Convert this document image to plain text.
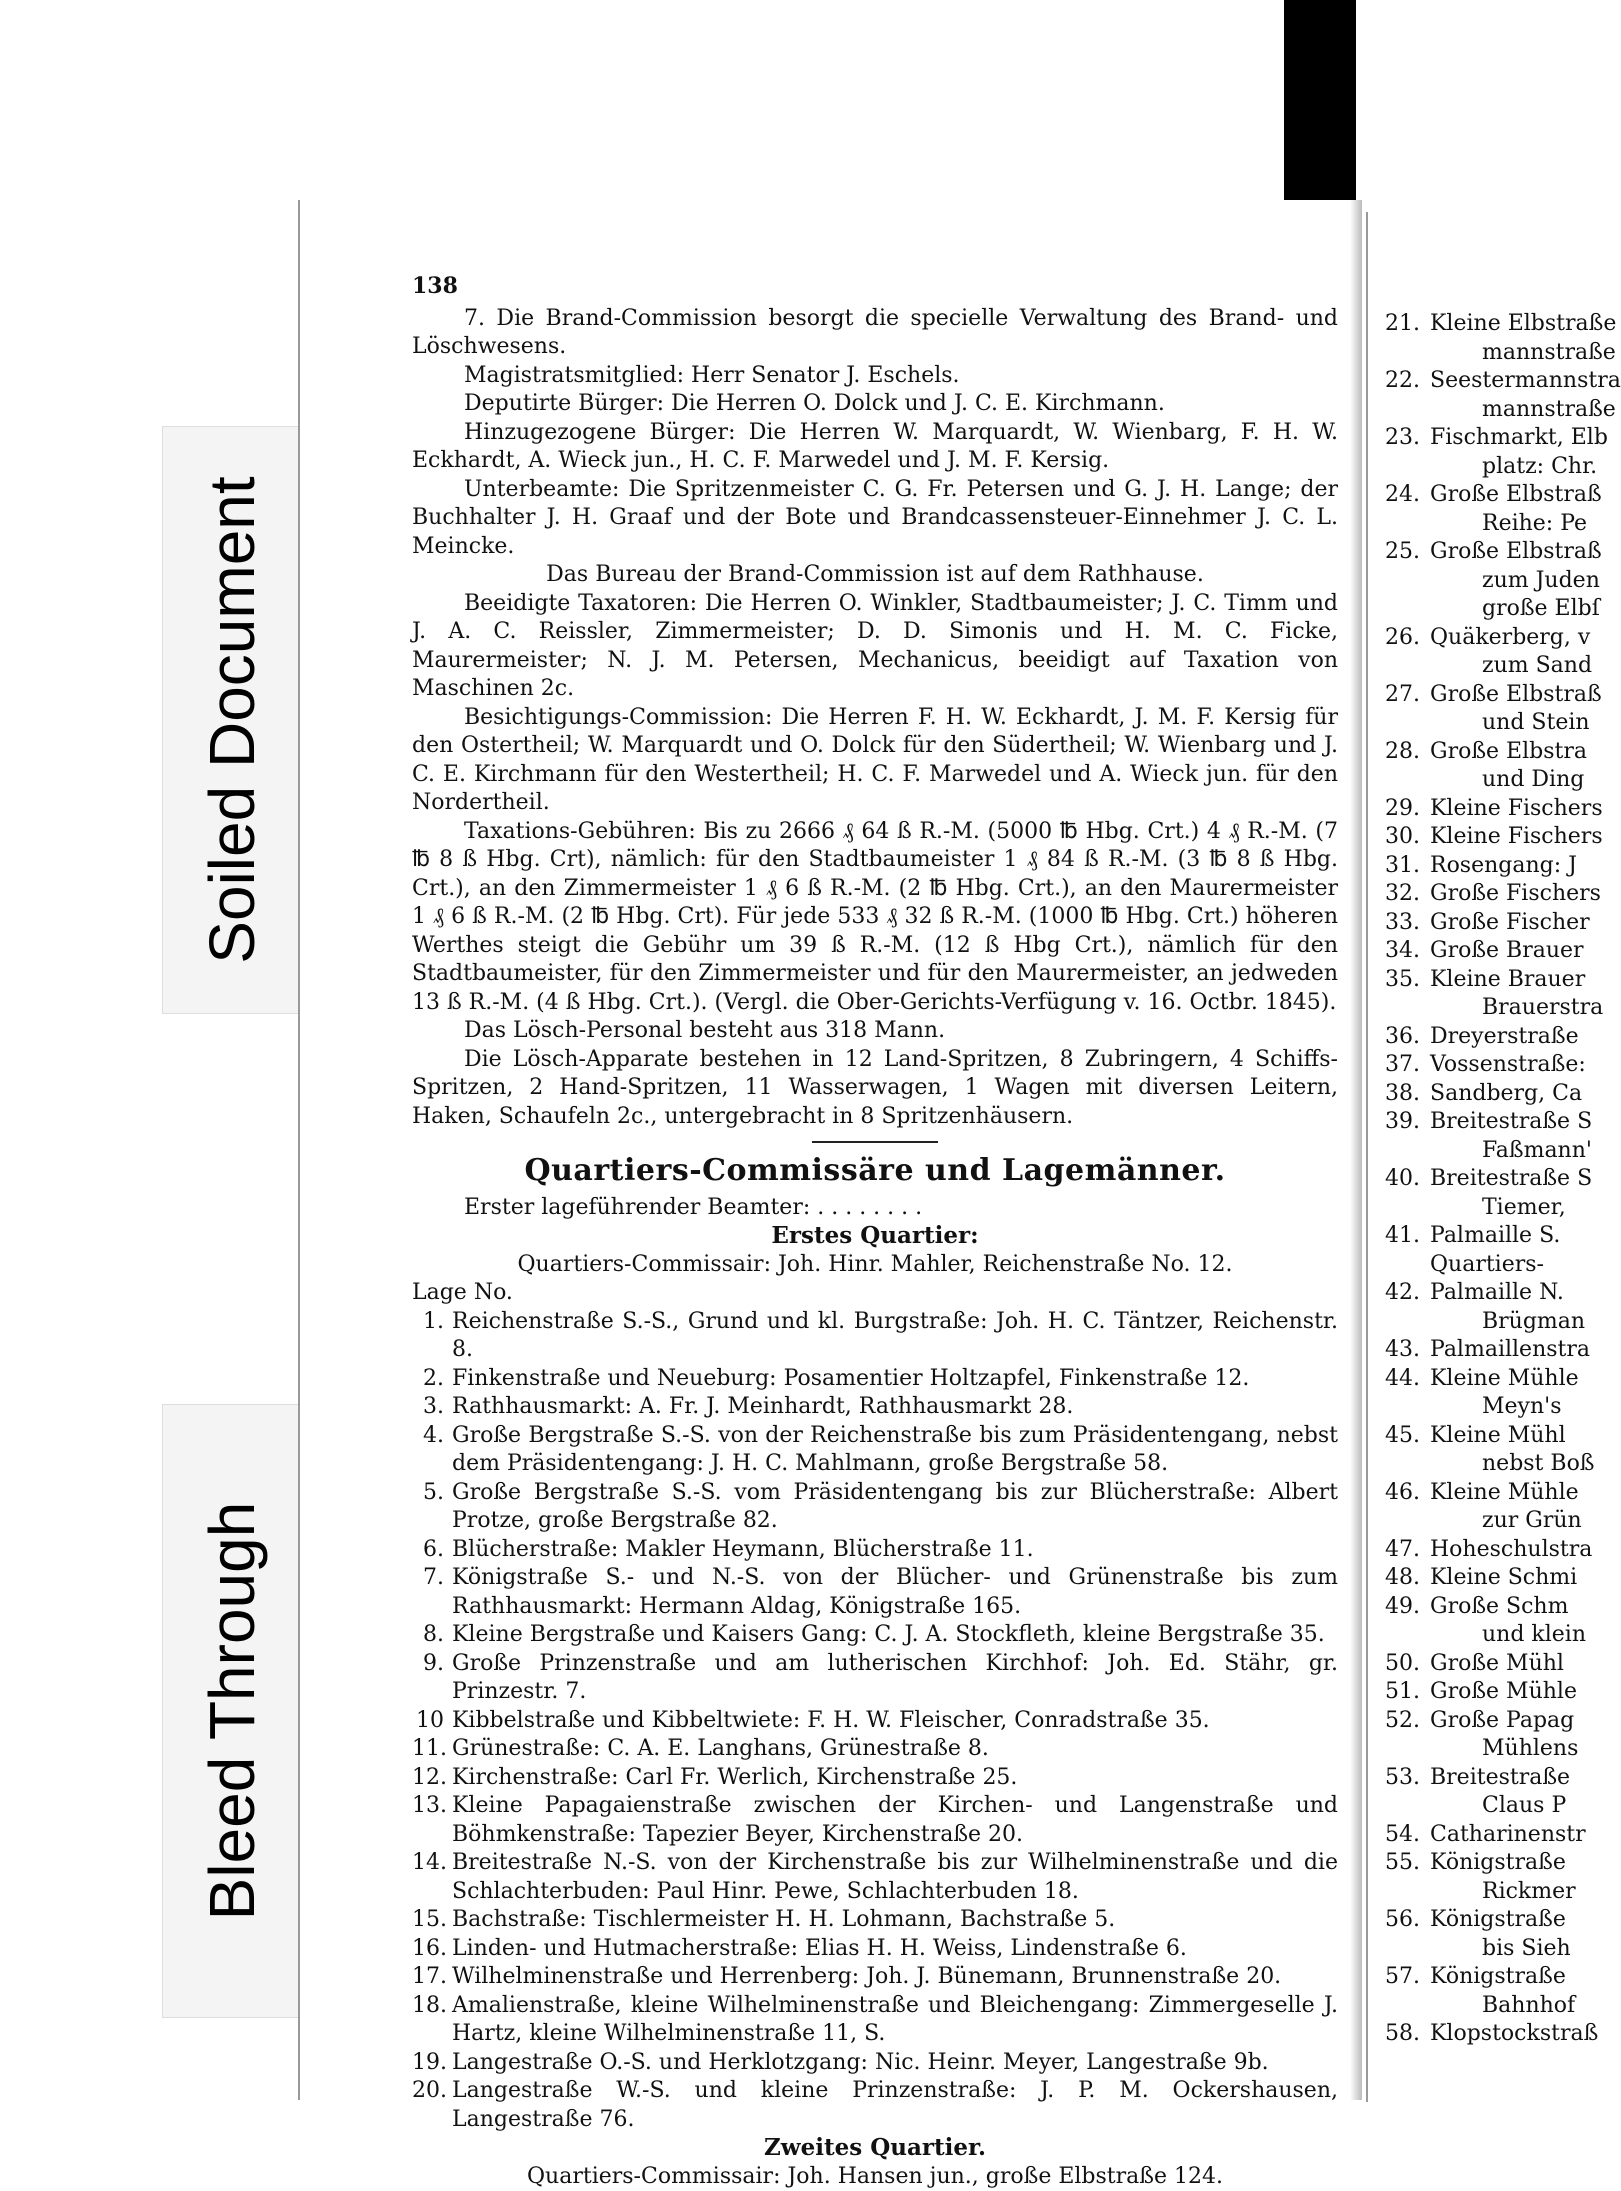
Soiled Document
Bleed Through
138

7. Die Brand-Commission besorgt die specielle Verwaltung des Brand- und Löschwesens.

Magistratsmitglied: Herr Senator J. Eschels.

Deputirte Bürger: Die Herren O. Dolck und J. C. E. Kirchmann.

Hinzugezogene Bürger: Die Herren W. Marquardt, W. Wienbarg, F. H. W. Eckhardt, A. Wieck jun., H. C. F. Marwedel und J. M. F. Kersig.

Unterbeamte: Die Spritzenmeister C. G. Fr. Petersen und G. J. H. Lange; der Buchhalter J. H. Graaf und der Bote und Brandcassensteuer-Einnehmer J. C. L. Meincke.

Das Bureau der Brand-Commission ist auf dem Rathhause.

Beeidigte Taxatoren: Die Herren O. Winkler, Stadtbaumeister; J. C. Timm und J. A. C. Reissler, Zimmermeister; D. D. Simonis und H. M. C. Ficke, Maurermeister; N. J. M. Petersen, Mechanicus, beeidigt auf Taxation von Maschinen 2c.

Besichtigungs-Commission: Die Herren F. H. W. Eckhardt, J. M. F. Kersig für den Ostertheil; W. Marquardt und O. Dolck für den Südertheil; W. Wienbarg und J. C. E. Kirchmann für den Westertheil; H. C. F. Marwedel und A. Wieck jun. für den Nordertheil.

Taxations-Gebühren: Bis zu 2666 ₰ 64 ß R.-M. (5000 ℔ Hbg. Crt.) 4 ₰ R.-M. (7 ℔ 8 ß Hbg. Crt), nämlich: für den Stadtbaumeister 1 ₰ 84 ß R.-M. (3 ℔ 8 ß Hbg. Crt.), an den Zimmermeister 1 ₰ 6 ß R.-M. (2 ℔ Hbg. Crt.), an den Maurermeister 1 ₰ 6 ß R.-M. (2 ℔ Hbg. Crt). Für jede 533 ₰ 32 ß R.-M. (1000 ℔ Hbg. Crt.) höheren Werthes steigt die Gebühr um 39 ß R.-M. (12 ß Hbg Crt.), nämlich für den Stadtbaumeister, für den Zimmermeister und für den Maurermeister, an jedweden 13 ß R.-M. (4 ß Hbg. Crt.). (Vergl. die Ober-Gerichts-Verfügung v. 16. Octbr. 1845).

Das Lösch-Personal besteht aus 318 Mann.

Die Lösch-Apparate bestehen in 12 Land-Spritzen, 8 Zubringern, 4 Schiffs-Spritzen, 2 Hand-Spritzen, 11 Wasserwagen, 1 Wagen mit diversen Leitern, Haken, Schaufeln 2c., untergebracht in 8 Spritzenhäusern.

Quartiers-Commissäre und Lagemänner.

Erster lageführender Beamter: . . . . . . . .

Erstes Quartier:

Quartiers-Commissair: Joh. Hinr. Mahler, Reichenstraße No. 12.

Lage No.

1. Reichenstraße S.-S., Grund und kl. Burgstraße: Joh. H. C. Täntzer, Reichenstr. 8.
2. Finkenstraße und Neueburg: Posamentier Holtzapfel, Finkenstraße 12.
3. Rathhausmarkt: A. Fr. J. Meinhardt, Rathhausmarkt 28.
4. Große Bergstraße S.-S. von der Reichenstraße bis zum Präsidentengang, nebst dem Präsidentengang: J. H. C. Mahlmann, große Bergstraße 58.
5. Große Bergstraße S.-S. vom Präsidentengang bis zur Blücherstraße: Albert Protze, große Bergstraße 82.
6. Blücherstraße: Makler Heymann, Blücherstraße 11.
7. Königstraße S.- und N.-S. von der Blücher- und Grünenstraße bis zum Rathhausmarkt: Hermann Aldag, Königstraße 165.
8. Kleine Bergstraße und Kaisers Gang: C. J. A. Stockfleth, kleine Bergstraße 35.
9. Große Prinzenstraße und am lutherischen Kirchhof: Joh. Ed. Stähr, gr. Prinzestr. 7.
10 Kibbelstraße und Kibbeltwiete: F. H. W. Fleischer, Conradstraße 35.
11. Grünestraße: C. A. E. Langhans, Grünestraße 8.
12. Kirchenstraße: Carl Fr. Werlich, Kirchenstraße 25.
13. Kleine Papagaienstraße zwischen der Kirchen- und Langenstraße und Böhmkenstraße: Tapezier Beyer, Kirchenstraße 20.
14. Breitestraße N.-S. von der Kirchenstraße bis zur Wilhelminenstraße und die Schlachterbuden: Paul Hinr. Pewe, Schlachterbuden 18.
15. Bachstraße: Tischlermeister H. H. Lohmann, Bachstraße 5.
16. Linden- und Hutmacherstraße: Elias H. H. Weiss, Lindenstraße 6.
17. Wilhelminenstraße und Herrenberg: Joh. J. Bünemann, Brunnenstraße 20.
18. Amalienstraße, kleine Wilhelminenstraße und Bleichengang: Zimmergeselle J. Hartz, kleine Wilhelminenstraße 11, S.
19. Langestraße O.-S. und Herklotzgang: Nic. Heinr. Meyer, Langestraße 9b.
20. Langestraße W.-S. und kleine Prinzenstraße: J. P. M. Ockershausen, Langestraße 76.
Zweites Quartier.

Quartiers-Commissair: Joh. Hansen jun., große Elbstraße 124.

21. Kleine Elbstraße
mannstraße
22. Seestermannstra
mannstraße
23. Fischmarkt, Elb
platz: Chr.
24. Große Elbstraß
Reihe: Pe
25. Große Elbstraß
zum Juden
große Elbſ
26. Quäkerberg, v
zum Sand
27. Große Elbstraß
und Stein
28. Große Elbstra
und Ding
29. Kleine Fischers
30. Kleine Fischers
31. Rosengang: J
32. Große Fischers
33. Große Fischer
34. Große Brauer
35. Kleine Brauer
Brauerstra
36. Dreyerstraße
37. Vossenstraße:
38. Sandberg, Ca
39. Breitestraße S
Faßmann'
40. Breitestraße S
Tiemer,
41. Palmaille S.
Quartiers-
42. Palmaille N.
Brügman
43. Palmaillenstra
44. Kleine Mühle
Meyn's
45. Kleine Mühl
nebst Boß
46. Kleine Mühle
zur Grün
47. Hoheschulstra
48. Kleine Schmi
49. Große Schm
und klein
50. Große Mühl
51. Große Mühle
52. Große Papag
Mühlens
53. Breitestraße
Claus P
54. Catharinenstr
55. Königstraße
Rickmer
56. Königstraße
bis Sieh
57. Königstraße
Bahnhof
58. Klopstockstraß
